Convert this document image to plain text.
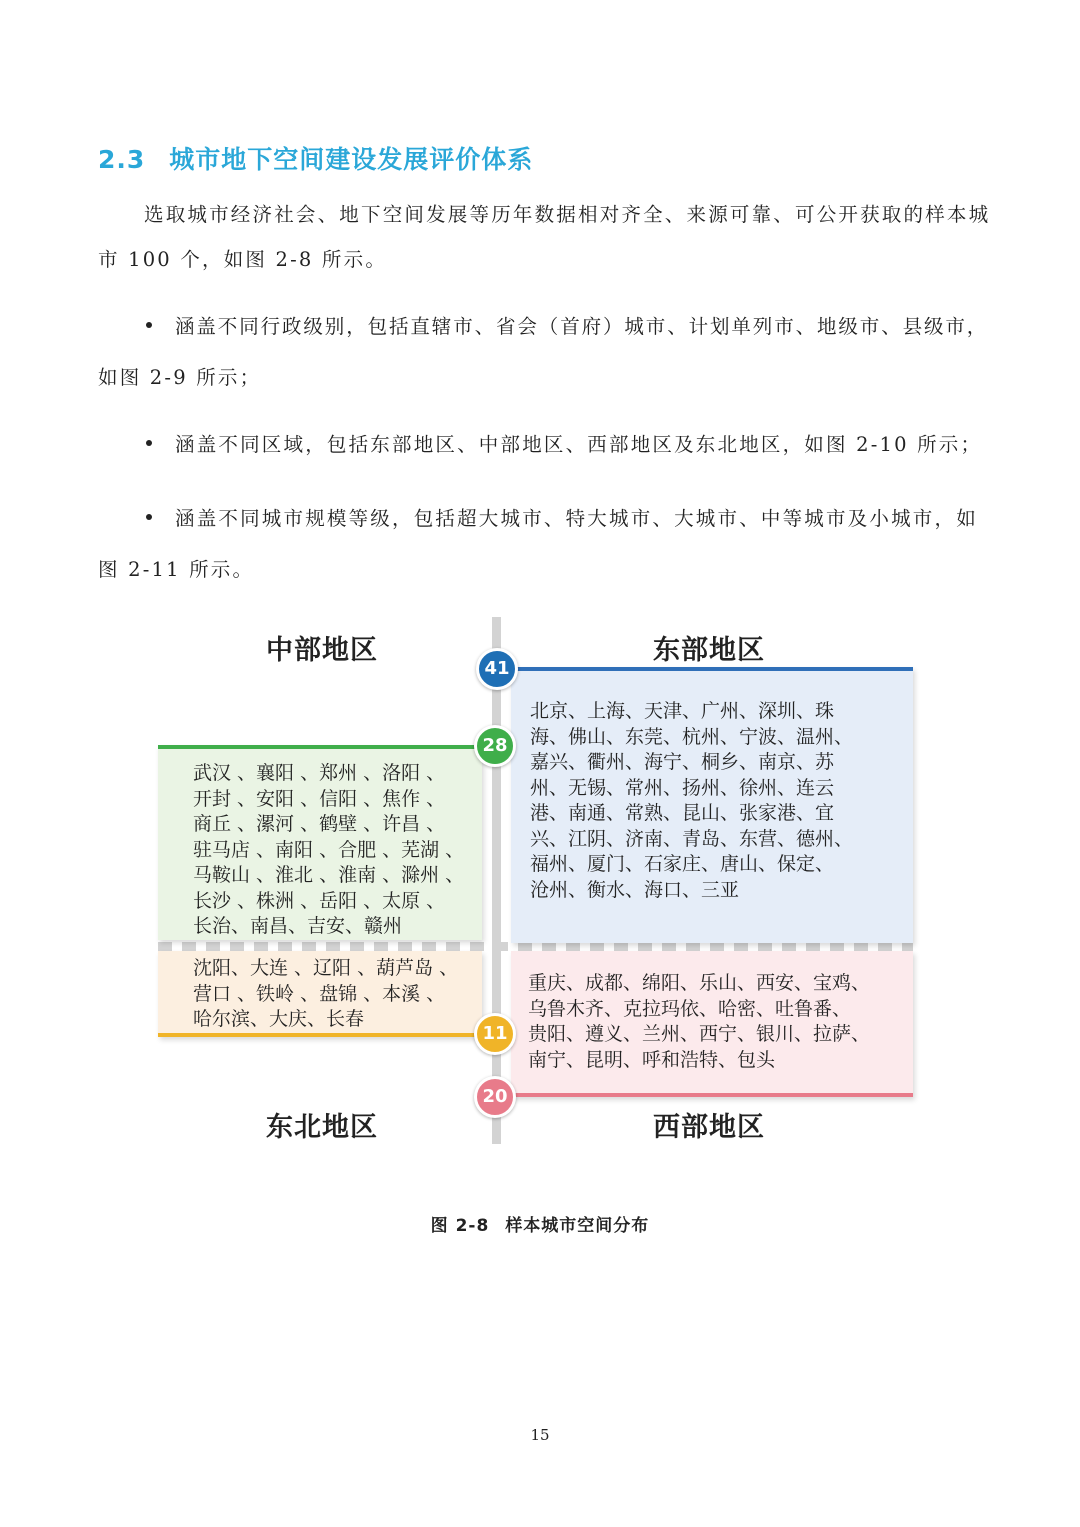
2.3 城市地下空间建设发展评价体系
选取城市经济社会、地下空间发展等历年数据相对齐全、来源可靠、可公开获取的样本城
市 100 个，如图 2-8 所示。
涵盖不同行政级别，包括直辖市、省会（首府）城市、计划单列市、地级市、县级市，
如图 2-9 所示；
涵盖不同区域，包括东部地区、中部地区、西部地区及东北地区，如图 2-10 所示；
涵盖不同城市规模等级，包括超大城市、特大城市、大城市、中等城市及小城市，如
图 2-11 所示。
中部地区	东部地区
东北地区	西部地区
北京、上海、天津、广州、深圳、珠
海、佛山、东莞、杭州、宁波、温州、
嘉兴、衢州、海宁、桐乡、南京、苏
州、无锡、常州、扬州、徐州、连云
港、南通、常熟、昆山、张家港、宜
兴、江阴、济南、青岛、东营、德州、
福州、厦门、石家庄、唐山、保定、
沧州、衡水、海口、三亚
武汉 、襄阳 、郑州 、洛阳 、
开封 、安阳 、信阳 、焦作 、
商丘 、漯河 、鹤壁 、许昌 、
驻马店 、南阳 、合肥 、芜湖 、
马鞍山 、淮北 、淮南 、滁州 、
长沙 、株洲 、岳阳 、太原 、
长治、南昌、吉安、赣州
沈阳、大连 、辽阳 、葫芦岛 、
营口 、铁岭 、盘锦 、本溪 、
哈尔滨、大庆、长春
重庆、成都、绵阳、乐山、西安、宝鸡、
乌鲁木齐、克拉玛依、哈密、吐鲁番、
贵阳、遵义、兰州、西宁、银川、拉萨、
南宁、昆明、呼和浩特、包头
41
28
11
20
图 2-8 样本城市空间分布
15
